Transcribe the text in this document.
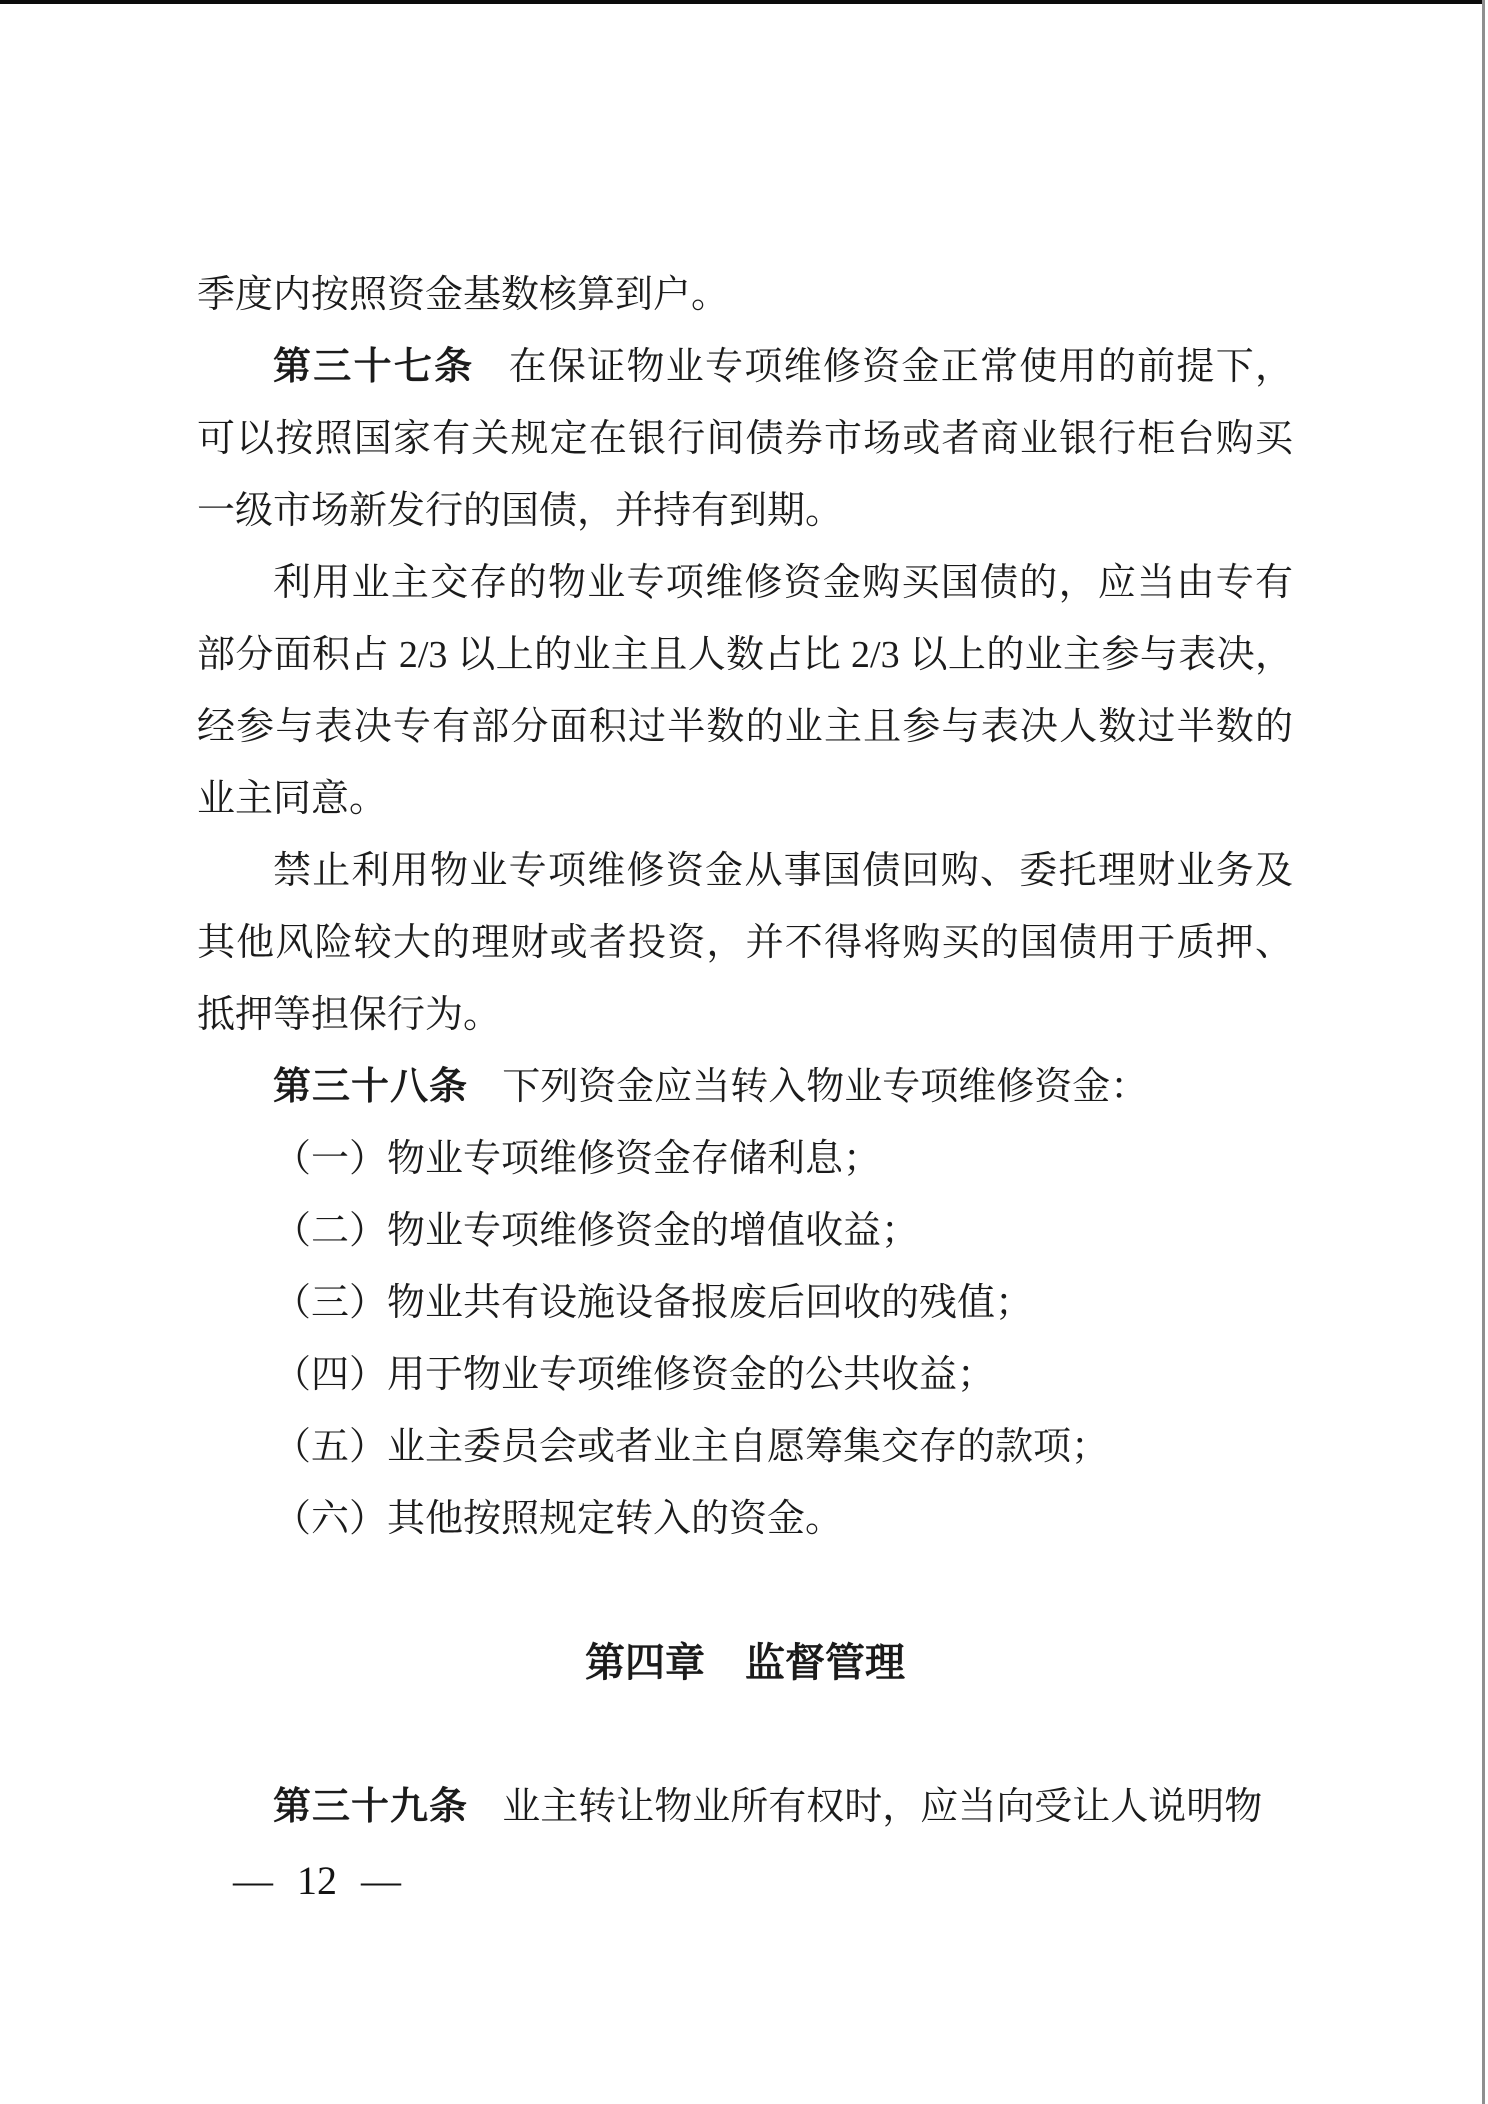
季度内按照资金基数核算到户。

第三十七条 在保证物业专项维修资金正常使用的前提下，可以按照国家有关规定在银行间债券市场或者商业银行柜台购买一级市场新发行的国债，并持有到期。

利用业主交存的物业专项维修资金购买国债的，应当由专有部分面积占 2/3 以上的业主且人数占比 2/3 以上的业主参与表决，经参与表决专有部分面积过半数的业主且参与表决人数过半数的业主同意。

禁止利用物业专项维修资金从事国债回购、委托理财业务及其他风险较大的理财或者投资，并不得将购买的国债用于质押、抵押等担保行为。

第三十八条 下列资金应当转入物业专项维修资金：

（一）物业专项维修资金存储利息；

（二）物业专项维修资金的增值收益；

（三）物业共有设施设备报废后回收的残值；

（四）用于物业专项维修资金的公共收益；

（五）业主委员会或者业主自愿筹集交存的款项；

（六）其他按照规定转入的资金。

第四章　监督管理

第三十九条 业主转让物业所有权时，应当向受让人说明物

— 12 —
